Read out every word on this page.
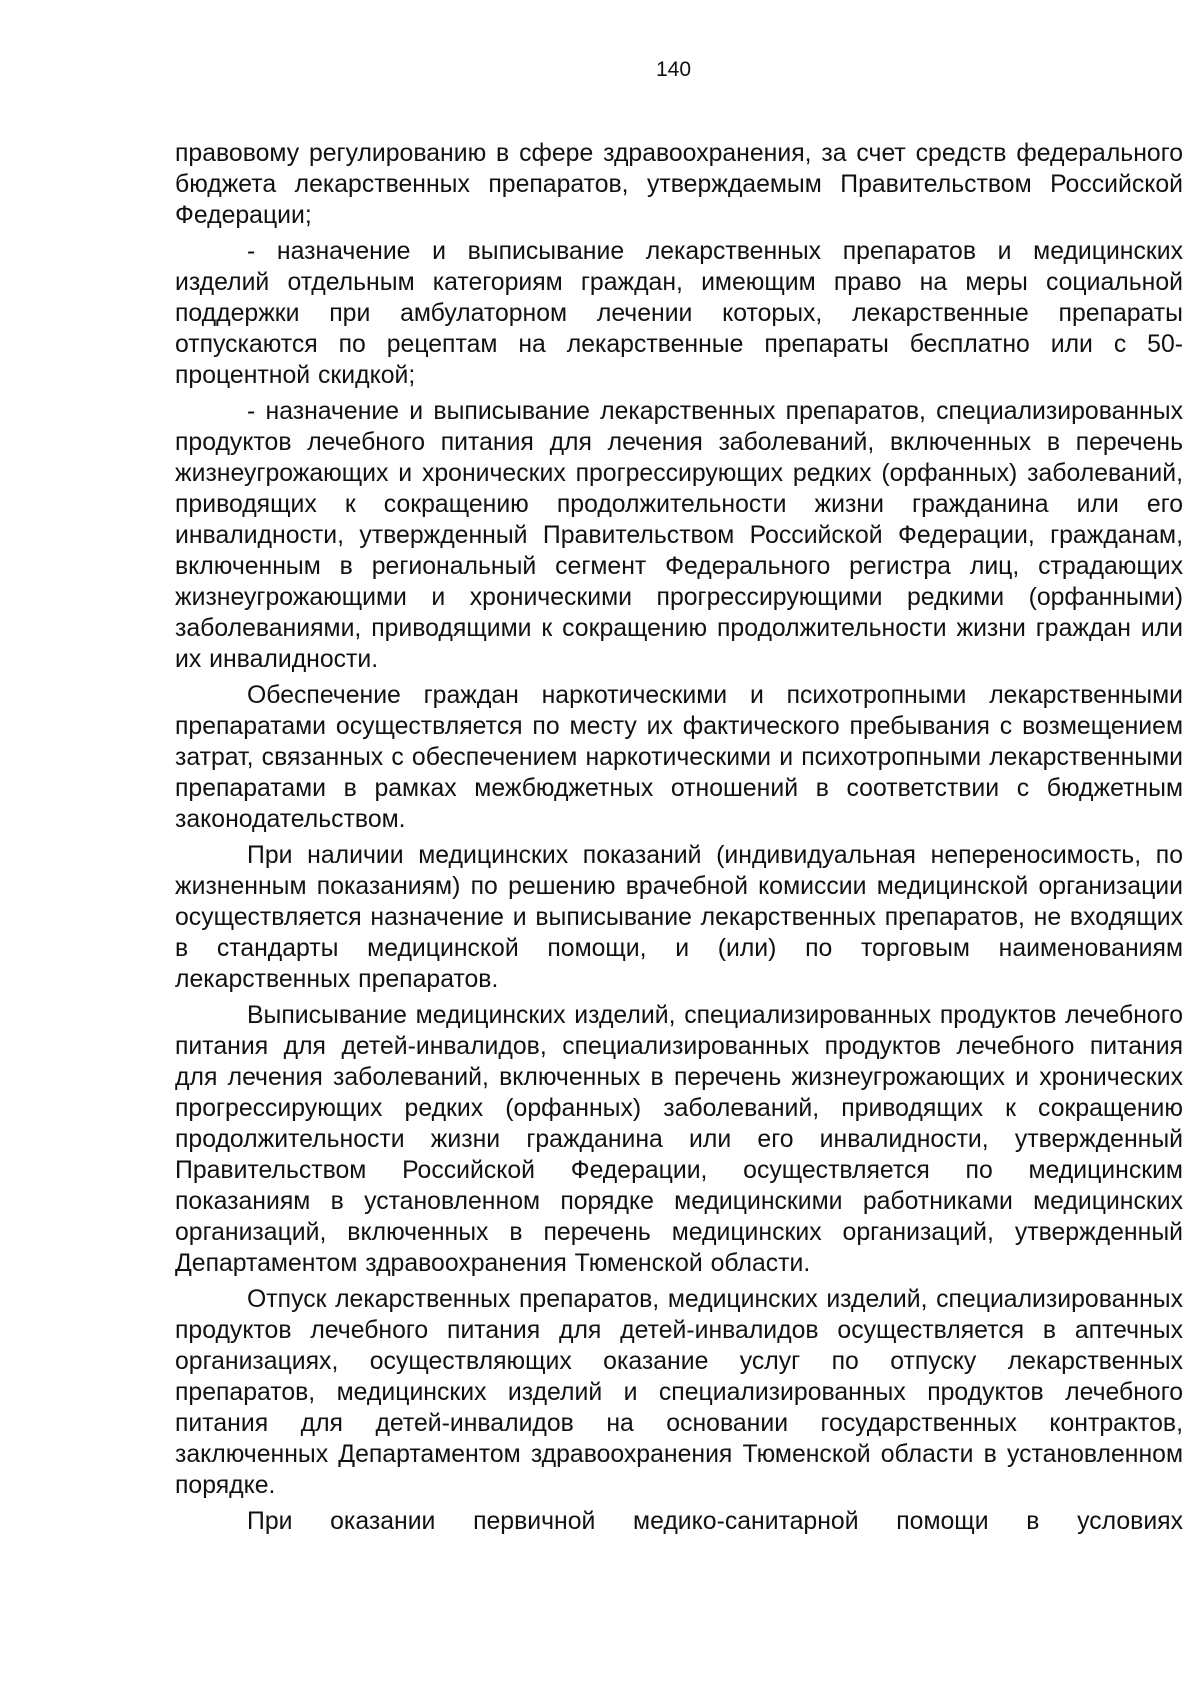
140

правовому регулированию в сфере здравоохранения, за счет средств федерального бюджета лекарственных препаратов, утверждаемым Правительством Российской Федерации;

- назначение и выписывание лекарственных препаратов и медицинских изделий отдельным категориям граждан, имеющим право на меры социальной поддержки при амбулаторном лечении которых, лекарственные препараты отпускаются по рецептам на лекарственные препараты бесплатно или с 50-процентной скидкой;

- назначение и выписывание лекарственных препаратов, специализированных продуктов лечебного питания для лечения заболеваний, включенных в перечень жизнеугрожающих и хронических прогрессирующих редких (орфанных) заболеваний, приводящих к сокращению продолжительности жизни гражданина или его инвалидности, утвержденный Правительством Российской Федерации, гражданам, включенным в региональный сегмент Федерального регистра лиц, страдающих жизнеугрожающими и хроническими прогрессирующими редкими (орфанными) заболеваниями, приводящими к сокращению продолжительности жизни граждан или их инвалидности.

Обеспечение граждан наркотическими и психотропными лекарственными препаратами осуществляется по месту их фактического пребывания с возмещением затрат, связанных с обеспечением наркотическими и психотропными лекарственными препаратами в рамках межбюджетных отношений в соответствии с бюджетным законодательством.

При наличии медицинских показаний (индивидуальная непереносимость, по жизненным показаниям) по решению врачебной комиссии медицинской организации осуществляется назначение и выписывание лекарственных препаратов, не входящих в стандарты медицинской помощи, и (или) по торговым наименованиям лекарственных препаратов.

Выписывание медицинских изделий, специализированных продуктов лечебного питания для детей-инвалидов, специализированных продуктов лечебного питания для лечения заболеваний, включенных в перечень жизнеугрожающих и хронических прогрессирующих редких (орфанных) заболеваний, приводящих к сокращению продолжительности жизни гражданина или его инвалидности, утвержденный Правительством Российской Федерации, осуществляется по медицинским показаниям в установленном порядке медицинскими работниками медицинских организаций, включенных в перечень медицинских организаций, утвержденный Департаментом здравоохранения Тюменской области.

Отпуск лекарственных препаратов, медицинских изделий, специализированных продуктов лечебного питания для детей-инвалидов осуществляется в аптечных организациях, осуществляющих оказание услуг по отпуску лекарственных препаратов, медицинских изделий и специализированных продуктов лечебного питания для детей-инвалидов на основании государственных контрактов, заключенных Департаментом здравоохранения Тюменской области в установленном порядке.

При оказании первичной медико-санитарной помощи в условиях
